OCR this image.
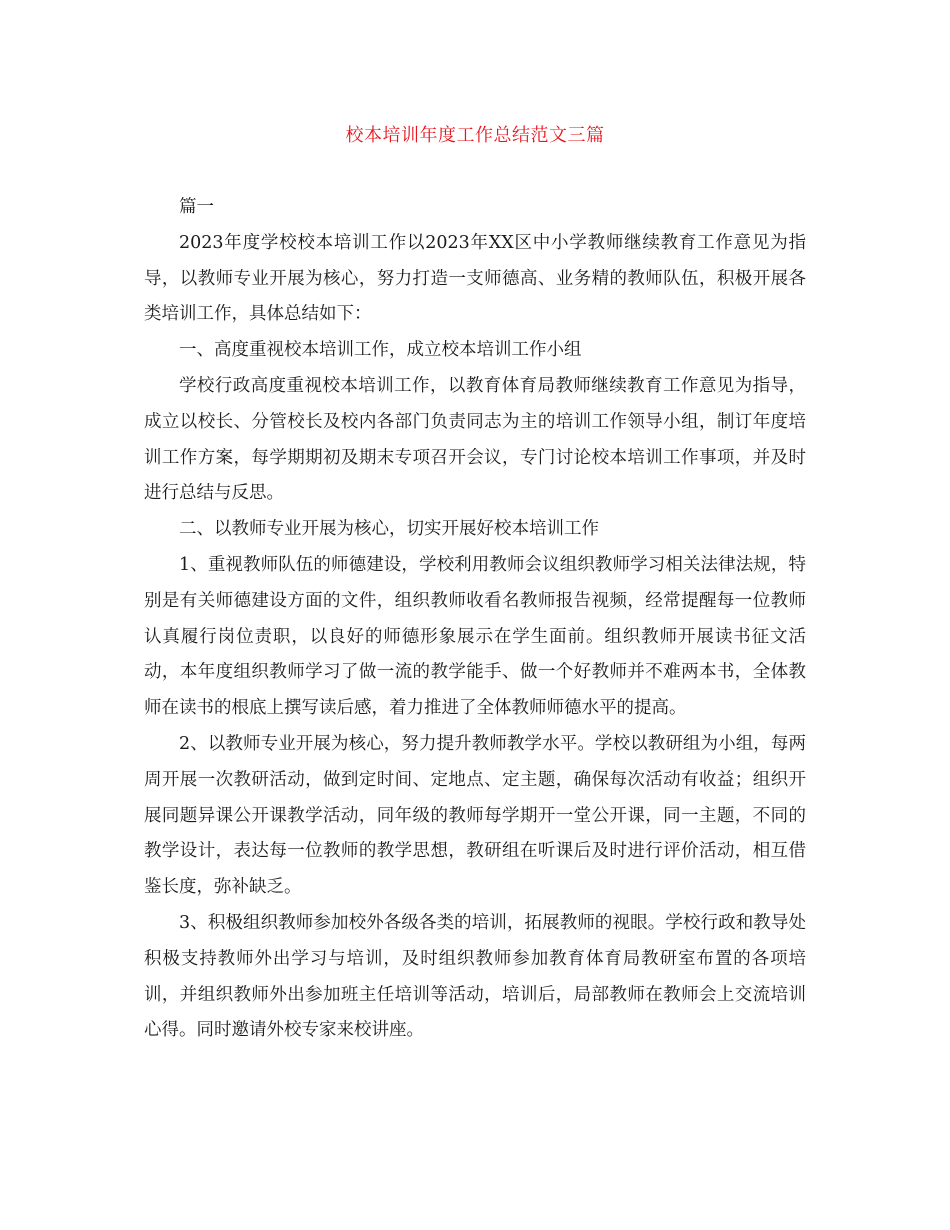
校本培训年度工作总结范文三篇

篇一

2023年度学校校本培训工作以2023年XX区中小学教师继续教育工作意见为指导，以教师专业开展为核心，努力打造一支师德高、业务精的教师队伍，积极开展各类培训工作，具体总结如下：

一、高度重视校本培训工作，成立校本培训工作小组

学校行政高度重视校本培训工作，以教育体育局教师继续教育工作意见为指导，成立以校长、分管校长及校内各部门负责同志为主的培训工作领导小组，制订年度培训工作方案，每学期期初及期末专项召开会议，专门讨论校本培训工作事项，并及时进行总结与反思。

二、以教师专业开展为核心，切实开展好校本培训工作

1、重视教师队伍的师德建设，学校利用教师会议组织教师学习相关法律法规，特别是有关师德建设方面的文件，组织教师收看名教师报告视频，经常提醒每一位教师认真履行岗位责职，以良好的师德形象展示在学生面前。组织教师开展读书征文活动，本年度组织教师学习了做一流的教学能手、做一个好教师并不难两本书，全体教师在读书的根底上撰写读后感，着力推进了全体教师师德水平的提高。

2、以教师专业开展为核心，努力提升教师教学水平。学校以教研组为小组，每两周开展一次教研活动，做到定时间、定地点、定主题，确保每次活动有收益；组织开展同题异课公开课教学活动，同年级的教师每学期开一堂公开课，同一主题，不同的教学设计，表达每一位教师的教学思想，教研组在听课后及时进行评价活动，相互借鉴长度，弥补缺乏。

3、积极组织教师参加校外各级各类的培训，拓展教师的视眼。学校行政和教导处积极支持教师外出学习与培训，及时组织教师参加教育体育局教研室布置的各项培训，并组织教师外出参加班主任培训等活动，培训后，局部教师在教师会上交流培训心得。同时邀请外校专家来校讲座。
